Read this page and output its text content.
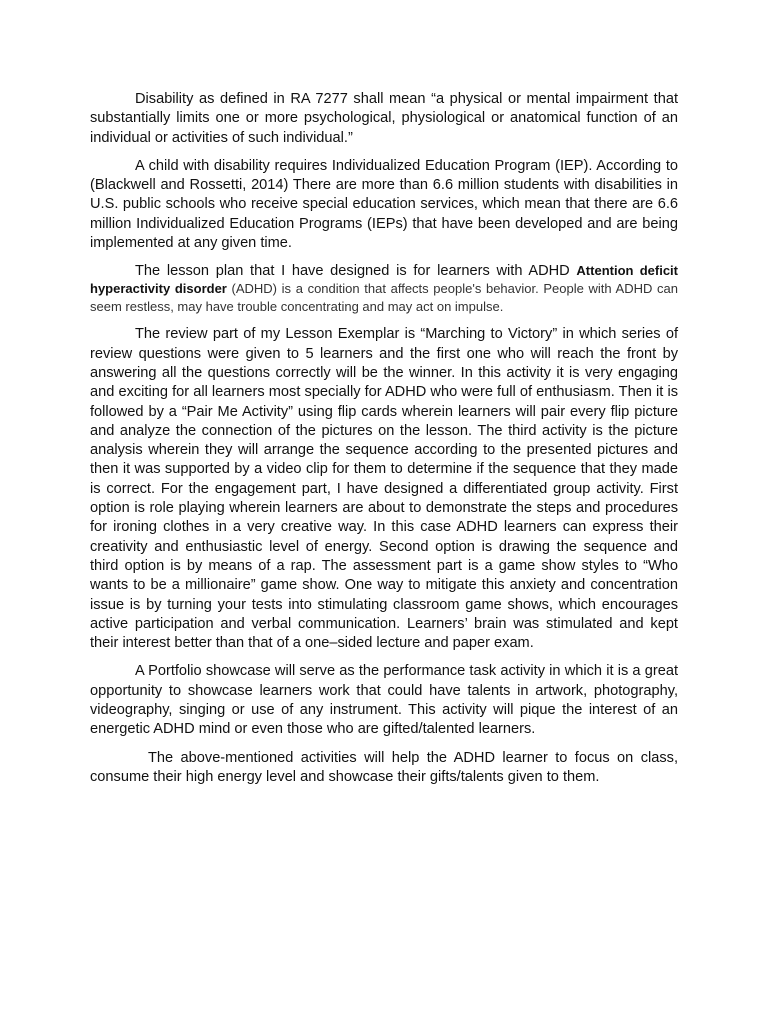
Disability as defined in RA 7277 shall mean “a physical or mental impairment that substantially limits one or more psychological, physiological or anatomical function of an individual or activities of such individual.”

A child with disability requires Individualized Education Program (IEP). According to (Blackwell and Rossetti, 2014) There are more than 6.6 million students with disabilities in U.S. public schools who receive special education services, which mean that there are 6.6 million Individualized Education Programs (IEPs) that have been developed and are being implemented at any given time.

The lesson plan that I have designed is for learners with ADHD Attention deficit hyperactivity disorder (ADHD) is a condition that affects people's behavior. People with ADHD can seem restless, may have trouble concentrating and may act on impulse.

The review part of my Lesson Exemplar is “Marching to Victory” in which series of review questions were given to 5 learners and the first one who will reach the front by answering all the questions correctly will be the winner. In this activity it is very engaging and exciting for all learners most specially for ADHD who were full of enthusiasm. Then it is followed by a “Pair Me Activity” using flip cards wherein learners will pair every flip picture and analyze the connection of the pictures on the lesson. The third activity is the picture analysis wherein they will arrange the sequence according to the presented pictures and then it was supported by a video clip for them to determine if the sequence that they made is correct. For the engagement part, I have designed a differentiated group activity. First option is role playing wherein learners are about to demonstrate the steps and procedures for ironing clothes in a very creative way. In this case ADHD learners can express their creativity and enthusiastic level of energy. Second option is drawing the sequence and third option is by means of a rap. The assessment part is a game show styles to “Who wants to be a millionaire” game show. One way to mitigate this anxiety and concentration issue is by turning your tests into stimulating classroom game shows, which encourages active participation and verbal communication. Learners’ brain was stimulated and kept their interest better than that of a one–sided lecture and paper exam.

A Portfolio showcase will serve as the performance task activity in which it is a great opportunity to showcase learners work that could have talents in artwork, photography, videography, singing or use of any instrument. This activity will pique the interest of an energetic ADHD mind or even those who are gifted/talented learners.

The above-mentioned activities will help the ADHD learner to focus on class, consume their high energy level and showcase their gifts/talents given to them.
